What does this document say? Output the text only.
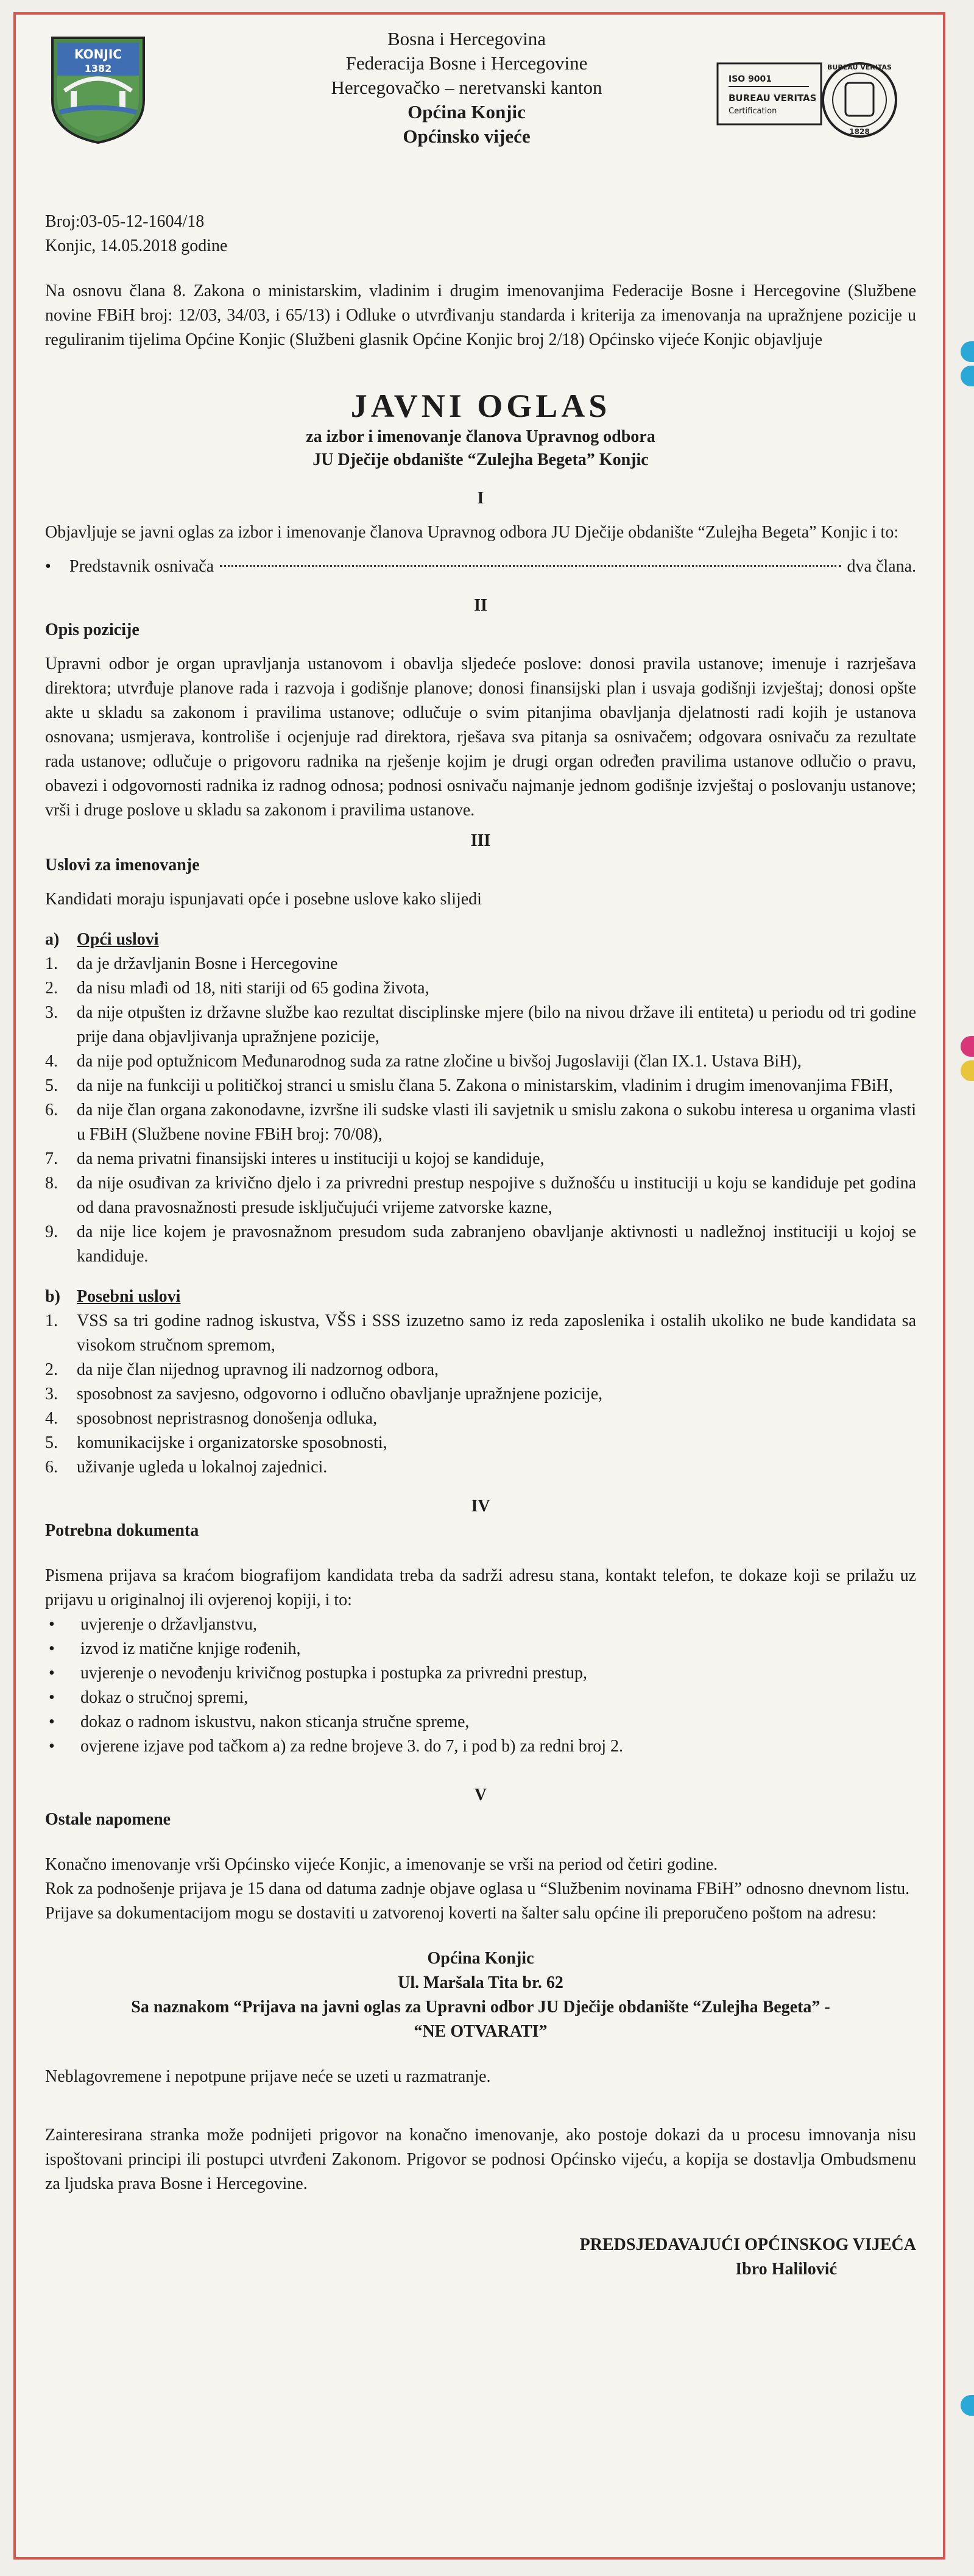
KONJIC
1382
Bosna i Hercegovina
Federacija Bosne i Hercegovine
Hercegovačko – neretvanski kanton
Općina Konjic
Općinsko vijeće
ISO 9001
BUREAU VERITAS
Certification
BUREAU VERITAS
1828

Broj:03-05-12-1604/18

Konjic, 14.05.2018 godine

Na osnovu člana 8. Zakona o ministarskim, vladinim i drugim imenovanjima Federacije Bosne i Hercegovine (Službene novine FBiH broj: 12/03, 34/03, i 65/13) i Odluke o utvrđivanju standarda i kriterija za imenovanja na upražnjene pozicije u reguliranim tijelima Općine Konjic (Službeni glasnik Općine Konjic broj 2/18) Općinsko vijeće Konjic objavljuje

JAVNI OGLAS
za izbor i imenovanje članova Upravnog odbora
JU Dječije obdanište “Zulejha Begeta” Konjic
I

Objavljuje se javni oglas za izbor i imenovanje članova Upravnog odbora JU Dječije obdanište “Zulejha Begeta” Konjic i to:

•	Predstavnik osnivača	dva člana.
II

Opis pozicije

Upravni odbor je organ upravljanja ustanovom i obavlja sljedeće poslove: donosi pravila ustanove; imenuje i razrješava direktora; utvrđuje planove rada i razvoja i godišnje planove; donosi finansijski plan i usvaja godišnji izvještaj; donosi opšte akte u skladu sa zakonom i pravilima ustanove; odlučuje o svim pitanjima obavljanja djelatnosti radi kojih je ustanova osnovana; usmjerava, kontroliše i ocjenjuje rad direktora, rješava sva pitanja sa osnivačem; odgovara osnivaču za rezultate rada ustanove; odlučuje o prigovoru radnika na rješenje kojim je drugi organ određen pravilima ustanove odlučio o pravu, obavezi i odgovornosti radnika iz radnog odnosa; podnosi osnivaču najmanje jednom godišnje izvještaj o poslovanju ustanove; vrši i druge poslove u skladu sa zakonom i pravilima ustanove.

III

Uslovi za imenovanje

Kandidati moraju ispunjavati opće i posebne uslove kako slijedi

a) Opći uslovi
1.	da je državljanin Bosne i Hercegovine
2.	da nisu mlađi od 18, niti stariji od 65 godina života,
3.	da nije otpušten iz državne službe kao rezultat disciplinske mjere (bilo na nivou države ili entiteta) u periodu od tri godine prije dana objavljivanja upražnjene pozicije,
4.	da nije pod optužnicom Međunarodnog suda za ratne zločine u bivšoj Jugoslaviji (član IX.1. Ustava BiH),
5.	da nije na funkciji u političkoj stranci u smislu člana 5. Zakona o ministarskim, vladinim i drugim imenovanjima FBiH,
6.	da nije član organa zakonodavne, izvršne ili sudske vlasti ili savjetnik u smislu zakona o sukobu interesa u organima vlasti u FBiH (Službene novine FBiH broj: 70/08),
7.	da nema privatni finansijski interes u instituciji u kojoj se kandiduje,
8.	da nije osuđivan za krivično djelo i za privredni prestup nespojive s dužnošću u instituciji u koju se kandiduje pet godina od dana pravosnažnosti presude isključujući vrijeme zatvorske kazne,
9.	da nije lice kojem je pravosnažnom presudom suda zabranjeno obavljanje aktivnosti u nadležnoj instituciji u kojoj se kandiduje.
b) Posebni uslovi
1.	VSS sa tri godine radnog iskustva, VŠS i SSS izuzetno samo iz reda zaposlenika i ostalih ukoliko ne bude kandidata sa visokom stručnom spremom,
2.	da nije član nijednog upravnog ili nadzornog odbora,
3.	sposobnost za savjesno, odgovorno i odlučno obavljanje upražnjene pozicije,
4.	sposobnost nepristrasnog donošenja odluka,
5.	komunikacijske i organizatorske sposobnosti,
6.	uživanje ugleda u lokalnoj zajednici.
IV

Potrebna dokumenta

Pismena prijava sa kraćom biografijom kandidata treba da sadrži adresu stana, kontakt telefon, te dokaze koji se prilažu uz prijavu u originalnoj ili ovjerenoj kopiji, i to:

•	uvjerenje o državljanstvu,
•	izvod iz matične knjige rođenih,
•	uvjerenje o nevođenju krivičnog postupka i postupka za privredni prestup,
•	dokaz o stručnoj spremi,
•	dokaz o radnom iskustvu, nakon sticanja stručne spreme,
•	ovjerene izjave pod tačkom a) za redne brojeve 3. do 7, i pod b) za redni broj 2.
V

Ostale napomene

Konačno imenovanje vrši Općinsko vijeće Konjic, a imenovanje se vrši na period od četiri godine.

Rok za podnošenje prijava je 15 dana od datuma zadnje objave oglasa u “Službenim novinama FBiH” odnosno dnevnom listu.

Prijave sa dokumentacijom mogu se dostaviti u zatvorenoj koverti na šalter salu općine ili preporučeno poštom na adresu:

Općina Konjic
Ul. Maršala Tita br. 62
Sa naznakom “Prijava na javni oglas za Upravni odbor JU Dječije obdanište “Zulejha Begeta” -
“NE OTVARATI”

Neblagovremene i nepotpune prijave neće se uzeti u razmatranje.

Zainteresirana stranka može podnijeti prigovor na konačno imenovanje, ako postoje dokazi da u procesu imnovanja nisu ispoštovani principi ili postupci utvrđeni Zakonom. Prigovor se podnosi Općinsko vijeću, a kopija se dostavlja Ombudsmenu za ljudska prava Bosne i Hercegovine.

PREDSJEDAVAJUĆI OPĆINSKOG VIJEĆA
Ibro Halilović
